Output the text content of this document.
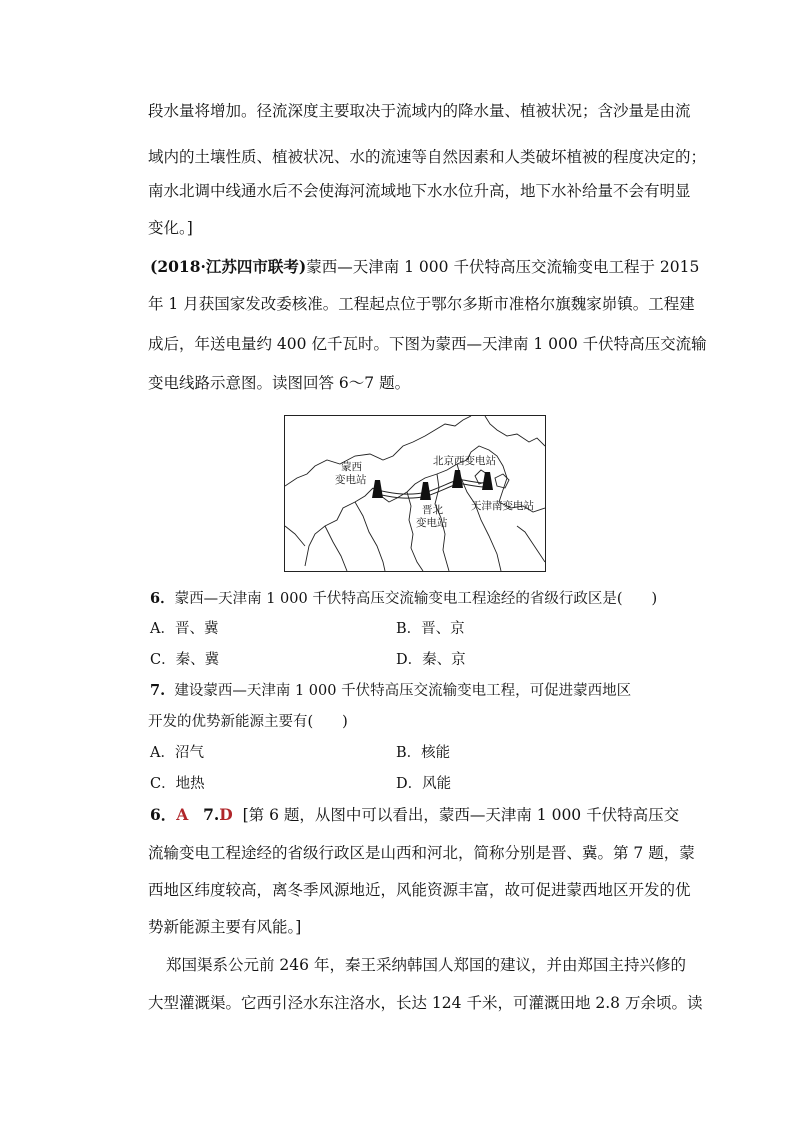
段水量将增加。径流深度主要取决于流域内的降水量、植被状况；含沙量是由流
域内的土壤性质、植被状况、水的流速等自然因素和人类破坏植被的程度决定的；
南水北调中线通水后不会使海河流域地下水水位升高，地下水补给量不会有明显
变化。]
(2018·江苏四市联考)蒙西—天津南 1 000 千伏特高压交流输变电工程于 2015
年 1 月获国家发改委核准。工程起点位于鄂尔多斯市准格尔旗魏家峁镇。工程建
成后，年送电量约 400 亿千瓦时。下图为蒙西—天津南 1 000 千伏特高压交流输
变电线路示意图。读图回答 6～7 题。
蒙西
变电站
晋北
变电站
北京西变电站
天津南变电站
6．蒙西—天津南 1 000 千伏特高压交流输变电工程途经的省级行政区是(　　)
A．晋、冀	B．晋、京
C．秦、冀	D．秦、京
7. 建设蒙西—天津南 1 000 千伏特高压交流输变电工程，可促进蒙西地区
开发的优势新能源主要有(　　)
A．沼气	B．核能
C．地热	D．风能
6．A 7.D [第 6 题，从图中可以看出，蒙西—天津南 1 000 千伏特高压交
流输变电工程途经的省级行政区是山西和河北，简称分别是晋、冀。第 7 题，蒙
西地区纬度较高，离冬季风源地近，风能资源丰富，故可促进蒙西地区开发的优
势新能源主要有风能。]
郑国渠系公元前 246 年，秦王采纳韩国人郑国的建议，并由郑国主持兴修的
大型灌溉渠。它西引泾水东注洛水，长达 124 千米，可灌溉田地 2.8 万余顷。读
